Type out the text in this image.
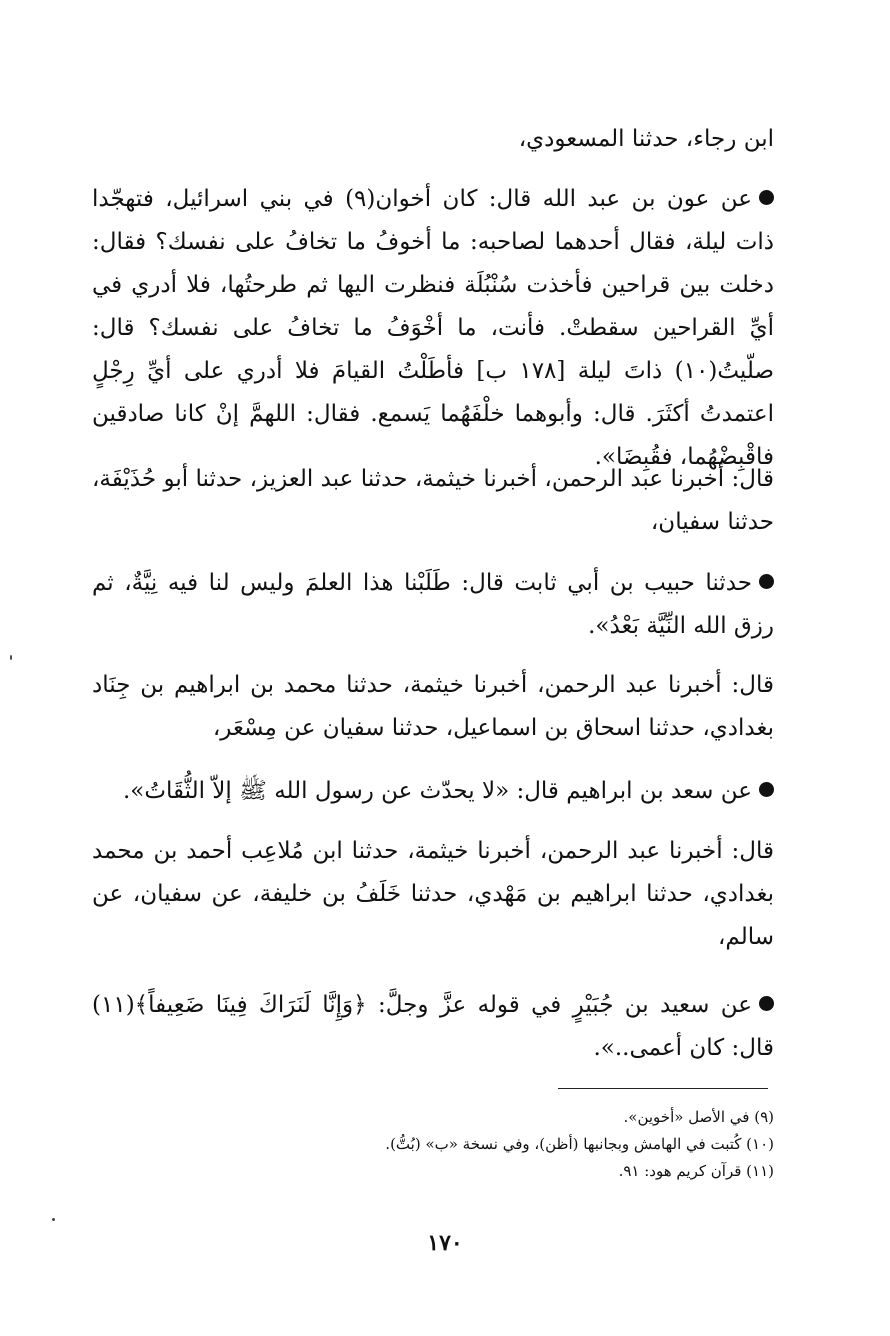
ابن رجاء، حدثنا المسعودي،

عن عون بن عبد الله قال: كان أخوان(٩) في بني اسرائيل، فتهجّدا ذات ليلة، فقال أحدهما لصاحبه: ما أخوفُ ما تخافُ على نفسك؟ فقال: دخلت بين قراحين فأخذت سُنْبُلَة فنظرت اليها ثم طرحتُها، فلا أدري في أيِّ القراحين سقطتْ. فأنت، ما أخْوَفُ ما تخافُ على نفسك؟ قال: صلّيتُ(١٠) ذاتَ ليلة [١٧٨ ب] فأطَلْتُ القيامَ فلا أدري على أيِّ رِجْلٍ اعتمدتُ أكثَرَ. قال: وأبوهما خلْفَهُما يَسمع. فقال: اللهمَّ إنْ كانا صادقين فاقْبِضْهُما، فقُبِضَا».

قال: أخبرنا عبد الرحمن، أخبرنا خيثمة، حدثنا عبد العزيز، حدثنا أبو حُذَيْفَة، حدثنا سفيان،

حدثنا حبيب بن أبي ثابت قال: طَلَبْنا هذا العلمَ وليس لنا فيه نِيَّةٌ، ثم رزق الله النِّيَّة بَعْدُ».

قال: أخبرنا عبد الرحمن، أخبرنا خيثمة، حدثنا محمد بن ابراهيم بن جِنَاد بغدادي، حدثنا اسحاق بن اسماعيل، حدثنا سفيان عن مِسْعَر،

عن سعد بن ابراهيم قال: «لا يحدّث عن رسول الله ﷺ إلاّ الثُّقَاتُ».

قال: أخبرنا عبد الرحمن، أخبرنا خيثمة، حدثنا ابن مُلاعِب أحمد بن محمد بغدادي، حدثنا ابراهيم بن مَهْدي، حدثنا خَلَفُ بن خليفة، عن سفيان، عن سالم،

عن سعيد بن جُبَيْرٍ في قوله عزَّ وجلَّ: ﴿وَإِنَّا لَنَرَاكَ فِينَا ضَعِيفاً﴾(١١) قال: كان أعمى..».

(٩) في الأصل «أخوين».
(١٠) كُتبت في الهامش وبجانبها (أظن)، وفي نسخة «ب» (بُتُّ).
(١١) قرآن كريم هود: ٩١.
١٧٠
